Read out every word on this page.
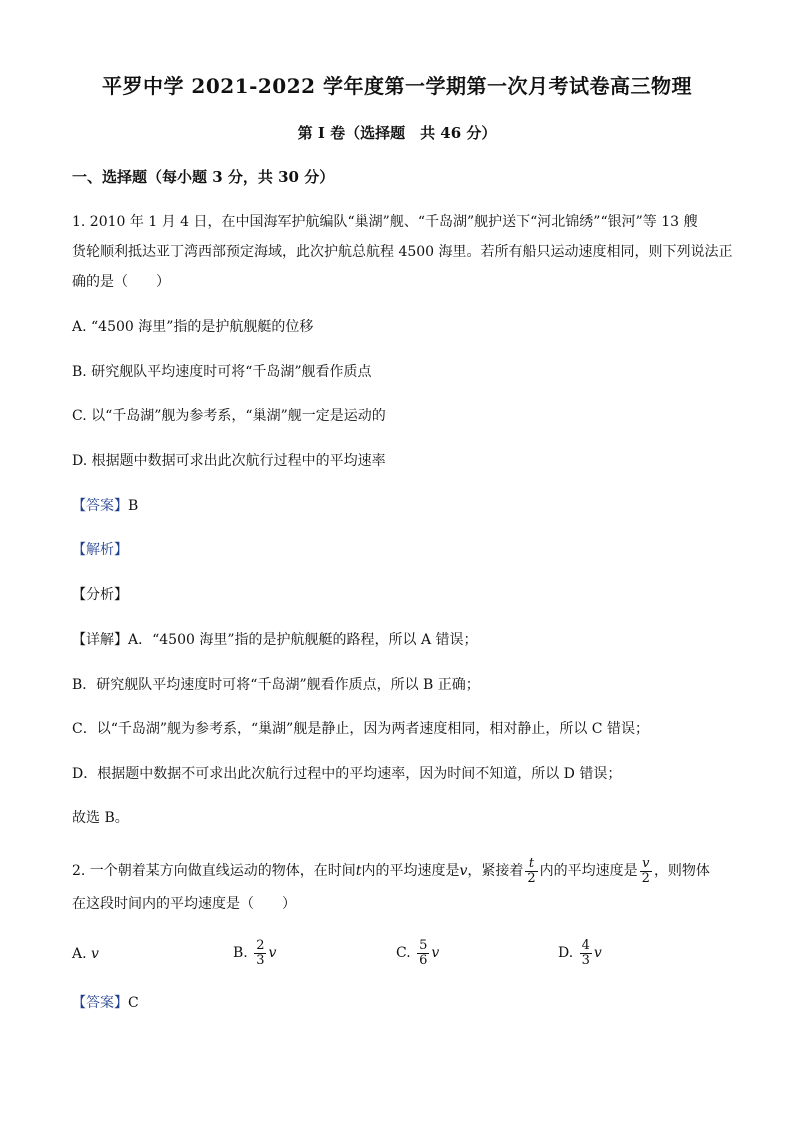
平罗中学 2021-2022 学年度第一学期第一次月考试卷高三物理
第 I 卷（选择题　共 46 分）
一、选择题（每小题 3 分，共 30 分）
1. 2010 年 1 月 4 日，在中国海军护航编队“巢湖”舰、“千岛湖”舰护送下“河北锦绣”“银河”等 13 艘
货轮顺利抵达亚丁湾西部预定海域，此次护航总航程 4500 海里。若所有船只运动速度相同，则下列说法正
确的是（　　）
A. “4500 海里”指的是护航舰艇的位移
B. 研究舰队平均速度时可将“千岛湖”舰看作质点
C. 以“千岛湖”舰为参考系，“巢湖”舰一定是运动的
D. 根据题中数据可求出此次航行过程中的平均速率
【答案】B
【解析】
【分析】
【详解】A．“4500 海里”指的是护航舰艇的路程，所以 A 错误；
B．研究舰队平均速度时可将“千岛湖”舰看作质点，所以 B 正确；
C．以“千岛湖”舰为参考系，“巢湖”舰是静止，因为两者速度相同，相对静止，所以 C 错误；
D．根据题中数据不可求出此次航行过程中的平均速率，因为时间不知道，所以 D 错误；
故选 B。
2. 一个朝着某方向做直线运动的物体，在时间t内的平均速度是v，紧接着 $\frac{t}{2}$ 内的平均速度是 $\frac{v}{2}$ ，则物体
在这段时间内的平均速度是（　　）
A. v	B. $\frac{2}{3}$ v	C. $\frac{5}{6}$ v	D. $\frac{4}{3}$ v
【答案】C
